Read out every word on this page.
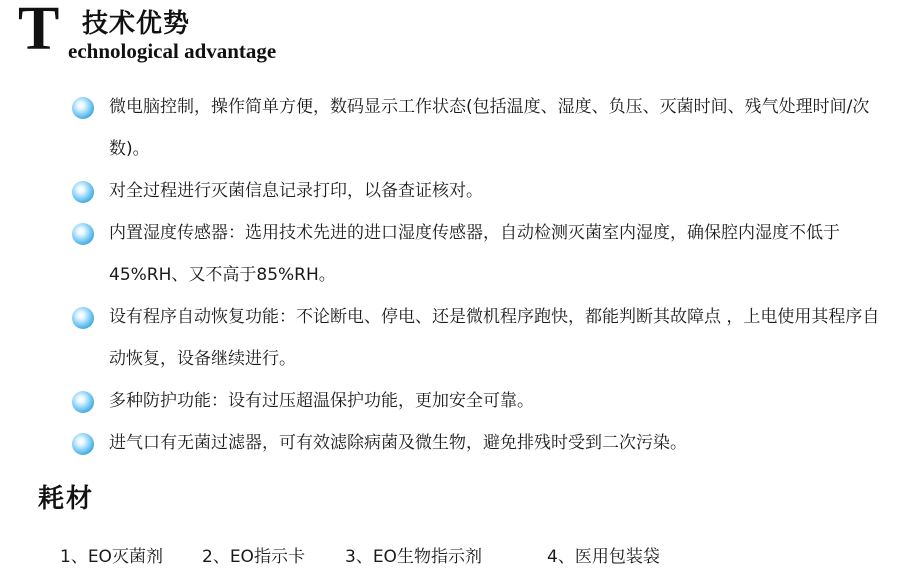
T 技术优势
echnological advantage
微电脑控制，操作简单方便，数码显示工作状态(包括温度、湿度、负压、灭菌时间、残气处理时间/次数)。
对全过程进行灭菌信息记录打印，以备查证核对。
内置湿度传感器：选用技术先进的进口湿度传感器，自动检测灭菌室内湿度，确保腔内湿度不低于45%RH、又不高于85%RH。
设有程序自动恢复功能：不论断电、停电、还是微机程序跑快，都能判断其故障点 ，上电使用其程序自动恢复，设备继续进行。
多种防护功能：设有过压超温保护功能，更加安全可靠。
进气口有无菌过滤器，可有效滤除病菌及微生物，避免排残时受到二次污染。
耗材
1、EO灭菌剂 2、EO指示卡 3、EO生物指示剂	4、医用包装袋
